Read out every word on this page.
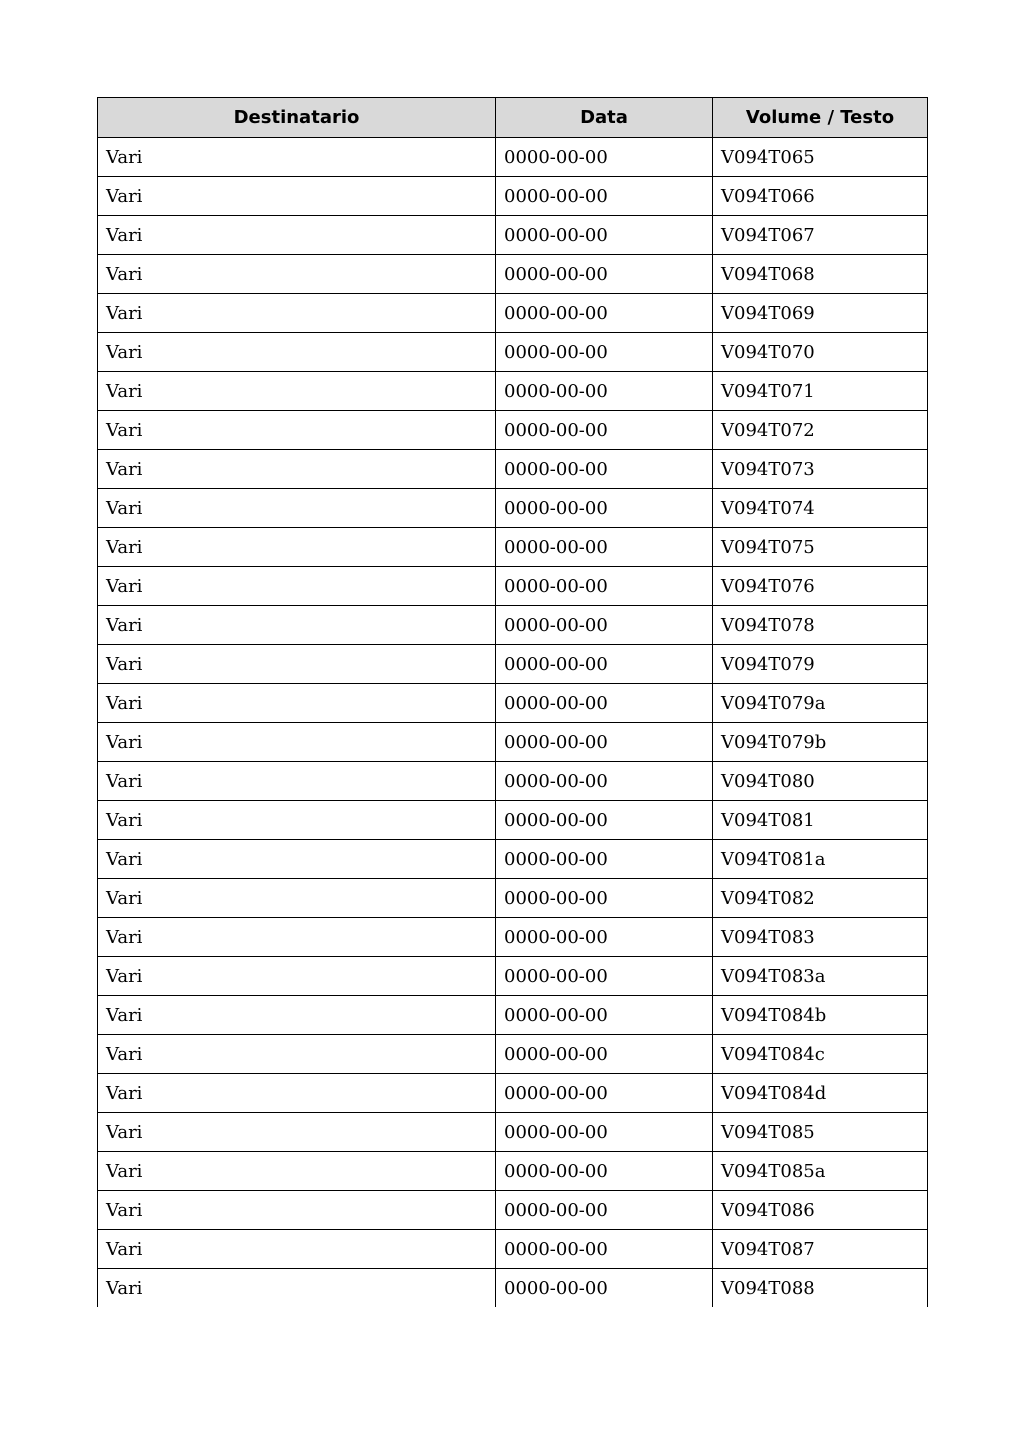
Destinatario	Data	Volume / Testo
Vari	0000-00-00	V094T065
Vari	0000-00-00	V094T066
Vari	0000-00-00	V094T067
Vari	0000-00-00	V094T068
Vari	0000-00-00	V094T069
Vari	0000-00-00	V094T070
Vari	0000-00-00	V094T071
Vari	0000-00-00	V094T072
Vari	0000-00-00	V094T073
Vari	0000-00-00	V094T074
Vari	0000-00-00	V094T075
Vari	0000-00-00	V094T076
Vari	0000-00-00	V094T078
Vari	0000-00-00	V094T079
Vari	0000-00-00	V094T079a
Vari	0000-00-00	V094T079b
Vari	0000-00-00	V094T080
Vari	0000-00-00	V094T081
Vari	0000-00-00	V094T081a
Vari	0000-00-00	V094T082
Vari	0000-00-00	V094T083
Vari	0000-00-00	V094T083a
Vari	0000-00-00	V094T084b
Vari	0000-00-00	V094T084c
Vari	0000-00-00	V094T084d
Vari	0000-00-00	V094T085
Vari	0000-00-00	V094T085a
Vari	0000-00-00	V094T086
Vari	0000-00-00	V094T087
Vari	0000-00-00	V094T088
